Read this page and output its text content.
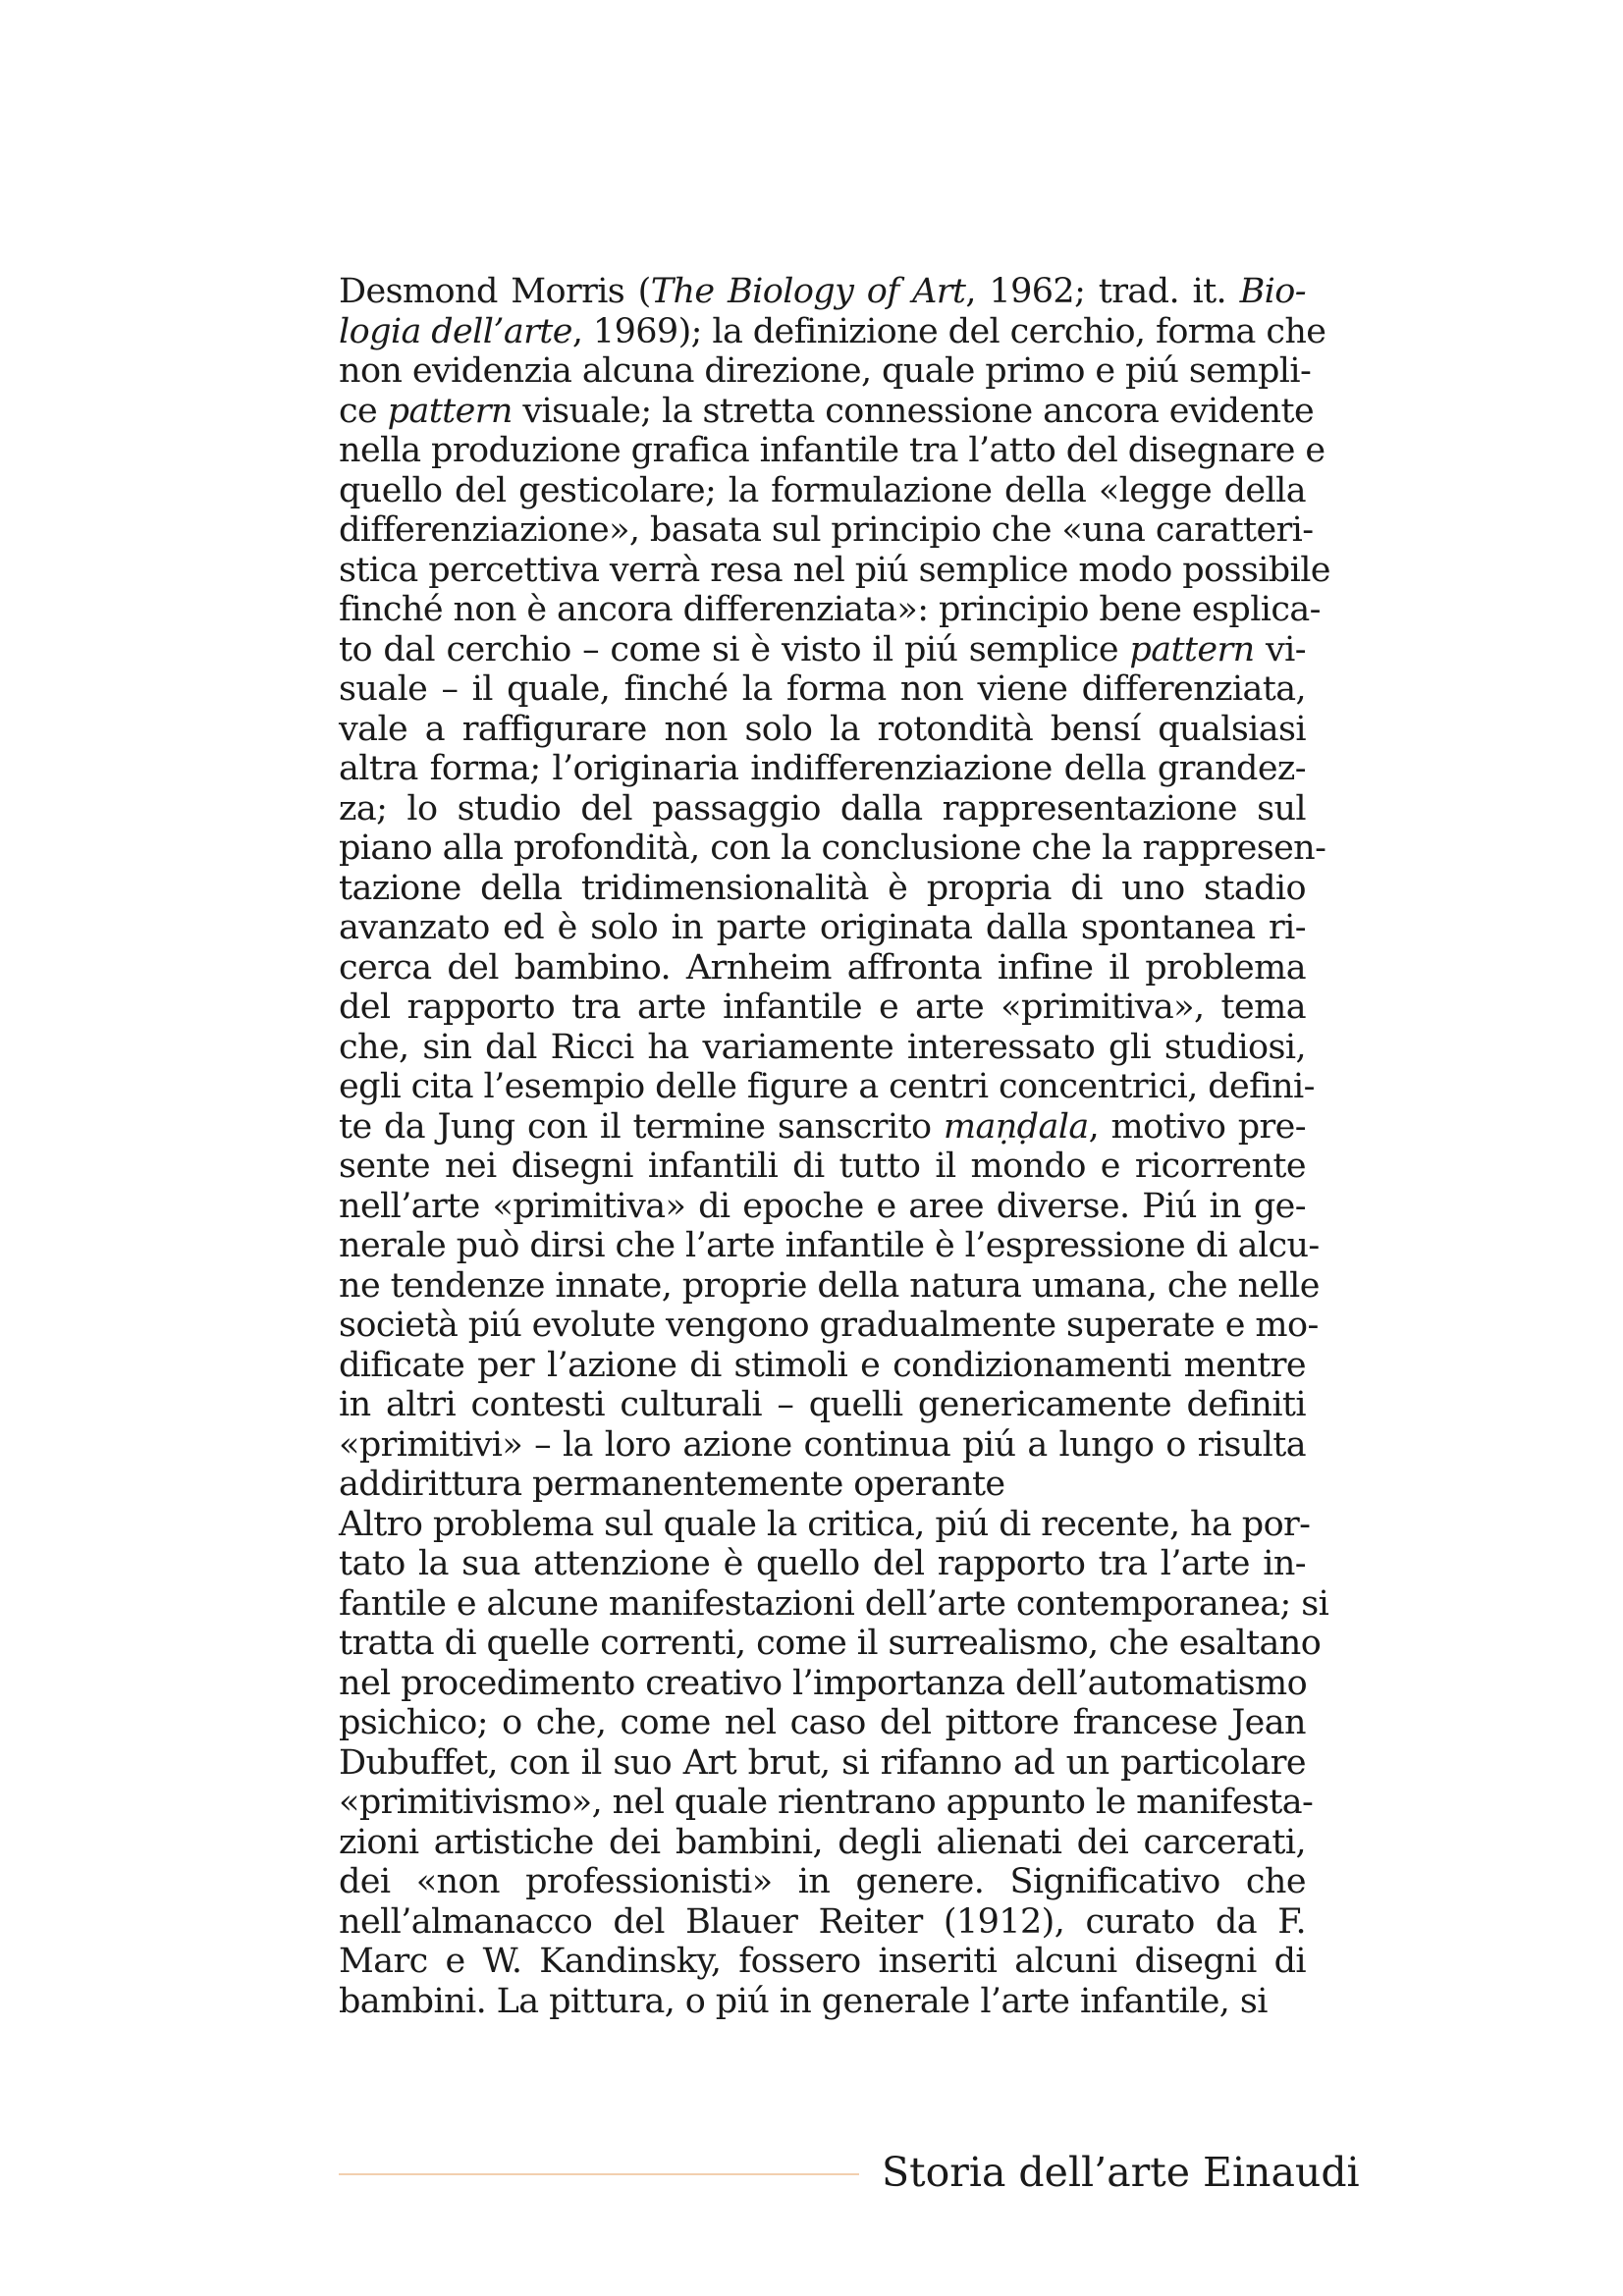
Desmond Morris (The Biology of Art, 1962; trad. it. Bio-
logia dell’arte, 1969); la definizione del cerchio, forma che
non evidenzia alcuna direzione, quale primo e piú sempli-
ce pattern visuale; la stretta connessione ancora evidente
nella produzione grafica infantile tra l’atto del disegnare e
quello del gesticolare; la formulazione della «legge della
differenziazione», basata sul principio che «una caratteri-
stica percettiva verrà resa nel piú semplice modo possibile
finché non è ancora differenziata»: principio bene esplica-
to dal cerchio – come si è visto il piú semplice pattern vi-
suale – il quale, finché la forma non viene differenziata,
vale a raffigurare non solo la rotondità bensí qualsiasi
altra forma; l’originaria indifferenziazione della grandez-
za; lo studio del passaggio dalla rappresentazione sul
piano alla profondità, con la conclusione che la rappresen-
tazione della tridimensionalità è propria di uno stadio
avanzato ed è solo in parte originata dalla spontanea ri-
cerca del bambino. Arnheim affronta infine il problema
del rapporto tra arte infantile e arte «primitiva», tema
che, sin dal Ricci ha variamente interessato gli studiosi,
egli cita l’esempio delle figure a centri concentrici, defini-
te da Jung con il termine sanscrito maṇḍala, motivo pre-
sente nei disegni infantili di tutto il mondo e ricorrente
nell’arte «primitiva» di epoche e aree diverse. Piú in ge-
nerale può dirsi che l’arte infantile è l’espressione di alcu-
ne tendenze innate, proprie della natura umana, che nelle
società piú evolute vengono gradualmente superate e mo-
dificate per l’azione di stimoli e condizionamenti mentre
in altri contesti culturali – quelli genericamente definiti
«primitivi» – la loro azione continua piú a lungo o risulta
addirittura permanentemente operante
Altro problema sul quale la critica, piú di recente, ha por-
tato la sua attenzione è quello del rapporto tra l’arte in-
fantile e alcune manifestazioni dell’arte contemporanea; si
tratta di quelle correnti, come il surrealismo, che esaltano
nel procedimento creativo l’importanza dell’automatismo
psichico; o che, come nel caso del pittore francese Jean
Dubuffet, con il suo Art brut, si rifanno ad un particolare
«primitivismo», nel quale rientrano appunto le manifesta-
zioni artistiche dei bambini, degli alienati dei carcerati,
dei «non professionisti» in genere. Significativo che
nell’almanacco del Blauer Reiter (1912), curato da F.
Marc e W. Kandinsky, fossero inseriti alcuni disegni di
bambini. La pittura, o piú in generale l’arte infantile, si
Storia dell’arte Einaudi
